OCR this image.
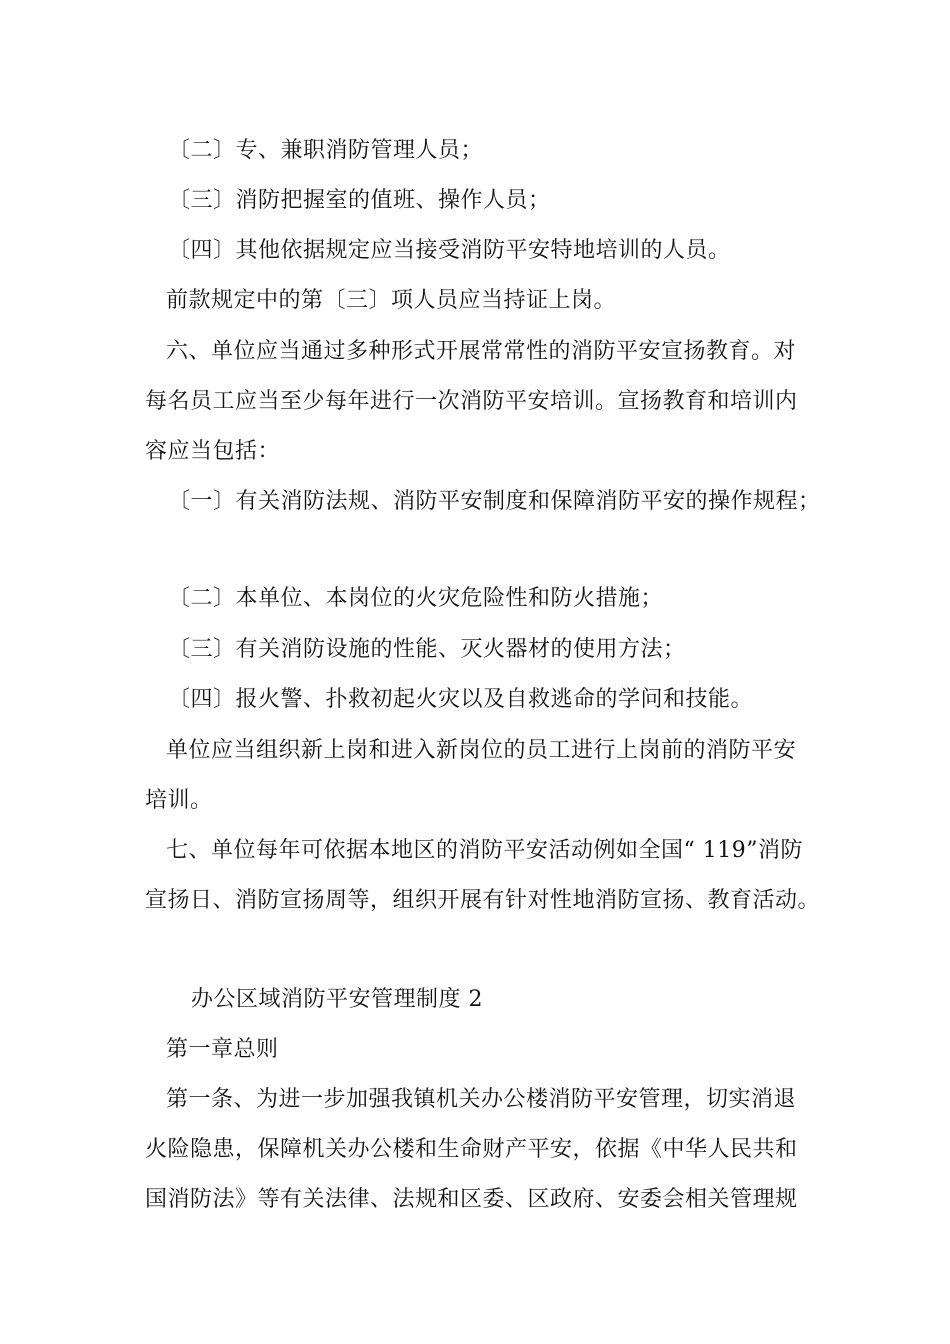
〔二〕专、兼职消防管理人员；
〔三〕消防把握室的值班、操作人员；
〔四〕其他依据规定应当接受消防平安特地培训的人员。
前款规定中的第〔三〕项人员应当持证上岗。
六、单位应当通过多种形式开展常常性的消防平安宣扬教育。对
每名员工应当至少每年进行一次消防平安培训。宣扬教育和培训内
容应当包括：
〔一〕有关消防法规、消防平安制度和保障消防平安的操作规程；
〔二〕本单位、本岗位的火灾危险性和防火措施；
〔三〕有关消防设施的性能、灭火器材的使用方法；
〔四〕报火警、扑救初起火灾以及自救逃命的学问和技能。
单位应当组织新上岗和进入新岗位的员工进行上岗前的消防平安
培训。
七、单位每年可依据本地区的消防平安活动例如全国“ 119”消防
宣扬日、消防宣扬周等，组织开展有针对性地消防宣扬、教育活动。
办公区域消防平安管理制度 2
第一章总则
第一条、为进一步加强我镇机关办公楼消防平安管理，切实消退
火险隐患，保障机关办公楼和生命财产平安，依据《中华人民共和
国消防法》等有关法律、法规和区委、区政府、安委会相关管理规
